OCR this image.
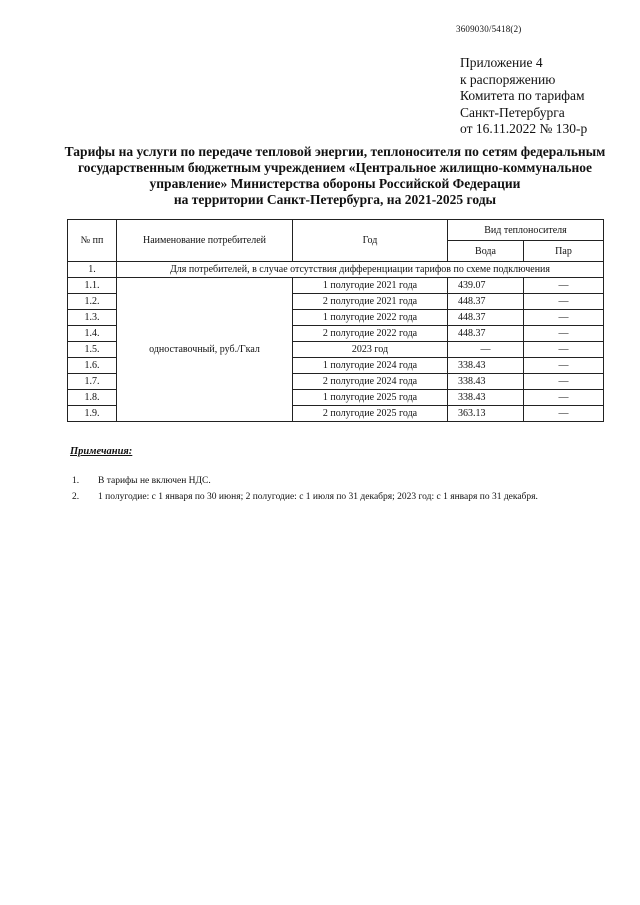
3609030/5418(2)
Приложение 4
к распоряжению
Комитета по тарифам
Санкт-Петербурга
от 16.11.2022 № 130-р
Тарифы на услуги по передаче тепловой энергии, теплоносителя по сетям федеральным
государственным бюджетным учреждением «Центральное жилищно-коммунальное
управление» Министерства обороны Российской Федерации
на территории Санкт-Петербурга, на 2021-2025 годы
№ пп	Наименование потребителей	Год	Вид теплоносителя	
			Вода	Пар
1.	Для потребителей, в случае отсутствия дифференциации тарифов по схеме подключения			
1.1.	одноставочный, руб./Гкал	1 полугодие 2021 года	439.07	—
1.2.		2 полугодие 2021 года	448.37	—
1.3.		1 полугодие 2022 года	448.37	—
1.4.		2 полугодие 2022 года	448.37	—
1.5.		2023 год	—	—
1.6.		1 полугодие 2024 года	338.43	—
1.7.		2 полугодие 2024 года	338.43	—
1.8.		1 полугодие 2025 года	338.43	—
1.9.		2 полугодие 2025 года	363.13	—
Примечания:
1. В тарифы не включен НДС.
2. 1 полугодие: с 1 января по 30 июня; 2 полугодие: с 1 июля по 31 декабря; 2023 год: с 1 января по 31 декабря.
